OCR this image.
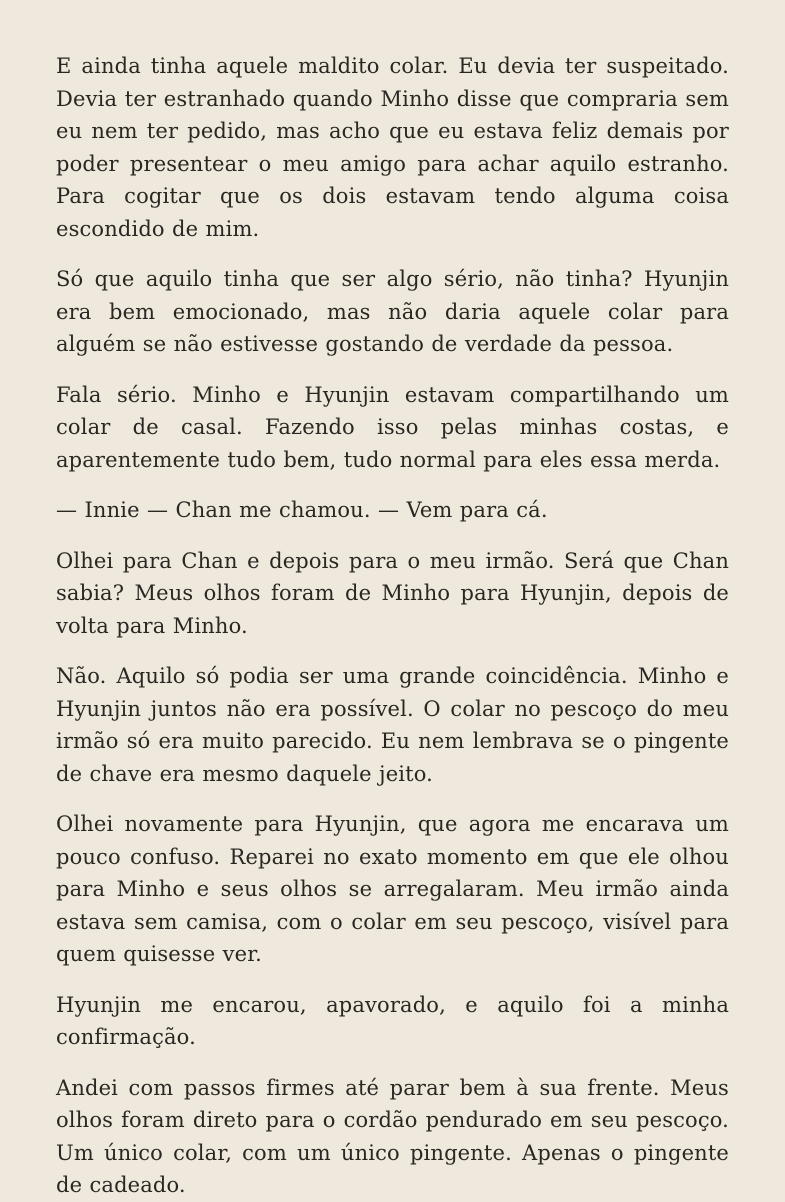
E ainda tinha aquele maldito colar. Eu devia ter suspeitado. Devia ter estranhado quando Minho disse que compraria sem eu nem ter pedido, mas acho que eu estava feliz demais por poder presentear o meu amigo para achar aquilo estranho. Para cogitar que os dois estavam tendo alguma coisa escondido de mim.

Só que aquilo tinha que ser algo sério, não tinha? Hyunjin era bem emocionado, mas não daria aquele colar para alguém se não estivesse gostando de verdade da pessoa.

Fala sério. Minho e Hyunjin estavam compartilhando um colar de casal. Fazendo isso pelas minhas costas, e aparentemente tudo bem, tudo normal para eles essa merda.

— Innie — Chan me chamou. — Vem para cá.

Olhei para Chan e depois para o meu irmão. Será que Chan sabia? Meus olhos foram de Minho para Hyunjin, depois de volta para Minho.

Não. Aquilo só podia ser uma grande coincidência. Minho e Hyunjin juntos não era possível. O colar no pescoço do meu irmão só era muito parecido. Eu nem lembrava se o pingente de chave era mesmo daquele jeito.

Olhei novamente para Hyunjin, que agora me encarava um pouco confuso. Reparei no exato momento em que ele olhou para Minho e seus olhos se arregalaram. Meu irmão ainda estava sem camisa, com o colar em seu pescoço, visível para quem quisesse ver.

Hyunjin me encarou, apavorado, e aquilo foi a minha confirmação.

Andei com passos firmes até parar bem à sua frente. Meus olhos foram direto para o cordão pendurado em seu pescoço. Um único colar, com um único pingente. Apenas o pingente de cadeado.
